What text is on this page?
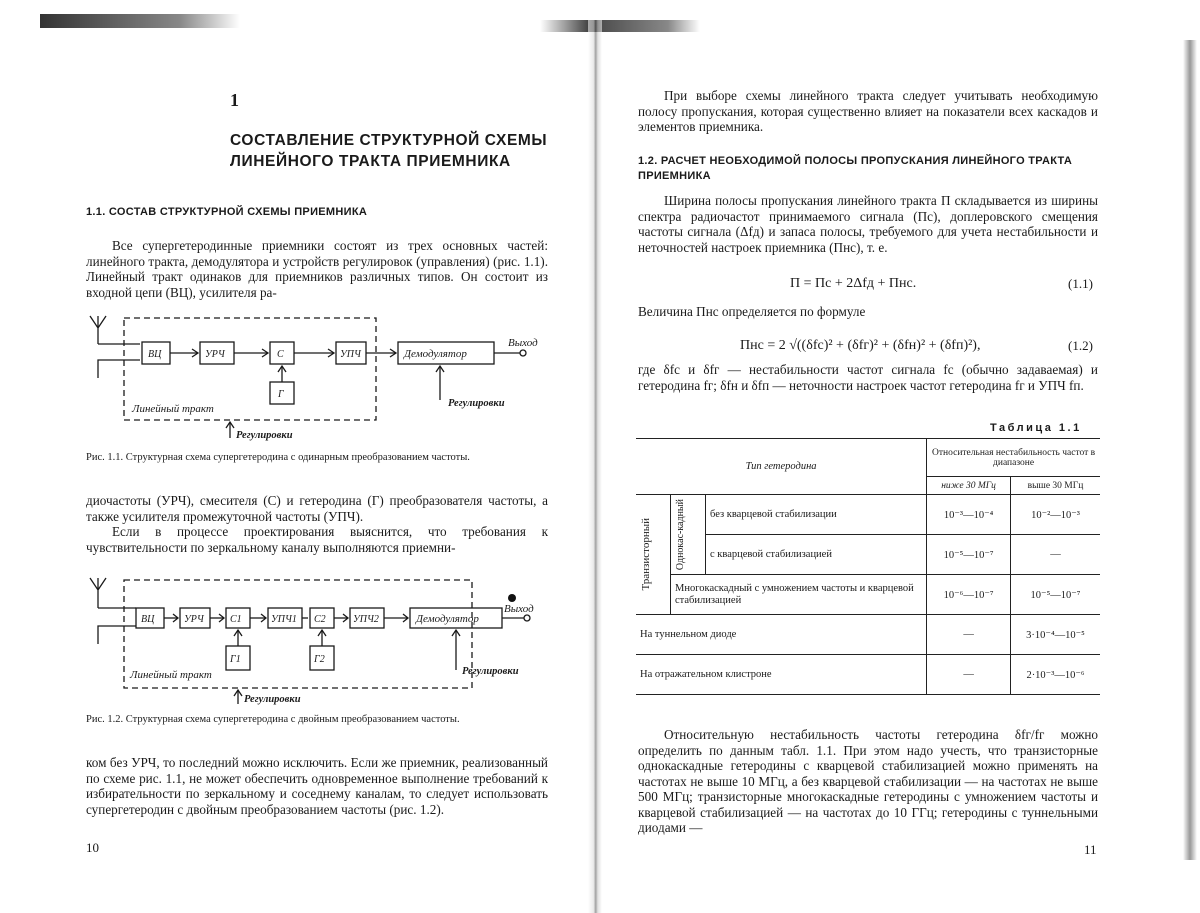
1
СОСТАВЛЕНИЕ СТРУКТУРНОЙ СХЕМЫ ЛИНЕЙНОГО ТРАКТА ПРИЕМНИКА
1.1. СОСТАВ СТРУКТУРНОЙ СХЕМЫ ПРИЕМНИКА

Все супергетеродинные приемники состоят из трех основных частей: линейного тракта, демодулятора и устройств регулировок (управления) (рис. 1.1). Линейный тракт одинаков для приемников различных типов. Он состоит из входной цепи (ВЦ), усилителя ра-

ВЦ	УРЧ	С	УПЧ
Г
Демодулятор
Выход
Линейный тракт	Регулировки
Регулировки
Рис. 1.1. Структурная схема супергетеродина с одинарным преобразованием частоты.

диочастоты (УРЧ), смесителя (С) и гетеродина (Г) преобразователя частоты, а также усилителя промежуточной частоты (УПЧ).

Если в процессе проектирования выяснится, что требования к чувствительности по зеркальному каналу выполняются приемни-

ВЦ	УРЧ	С1	УПЧ1 С2	УПЧ2	Демодулятор
Г1	Г2
Выход
Линейный тракт	Регулировки
Регулировки
Рис. 1.2. Структурная схема супергетеродина с двойным преобразованием частоты.

ком без УРЧ, то последний можно исключить. Если же приемник, реализованный по схеме рис. 1.1, не может обеспечить одновременное выполнение требований к избирательности по зеркальному и соседнему каналам, то следует использовать супергетеродин с двойным преобразованием частоты (рис. 1.2).

10

При выборе схемы линейного тракта следует учитывать необходимую полосу пропускания, которая существенно влияет на показатели всех каскадов и элементов приемника.

1.2. РАСЧЕТ НЕОБХОДИМОЙ ПОЛОСЫ ПРОПУСКАНИЯ ЛИНЕЙНОГО ТРАКТА ПРИЕМНИКА

Ширина полосы пропускания линейного тракта П складывается из ширины спектра радиочастот принимаемого сигнала (Пс), доплеровского смещения частоты сигнала (Δfд) и запаса полосы, требуемого для учета нестабильности и неточностей настроек приемника (Пнс), т. е.

П = Пс + 2Δfд + Пнс.	(1.1)

Величина Пнс определяется по формуле

Пнс = 2 √((δfс)² + (δfг)² + (δfн)² + (δfп)²),	(1.2)

где δfс и δfг — нестабильности частот сигнала fс (обычно задаваемая) и гетеродина fг; δfн и δfп — неточности настроек частот гетеродина fг и УПЧ fп.

Таблица 1.1
Тип гетеродина			Относительная нестабильность частот в диапазоне	
			ниже 30 МГц	выше 30 МГц

Транзисторный	Однокас-кадный	без кварцевой стабилизации	10⁻³—10⁻⁴	10⁻²—10⁻³
		с кварцевой стабилизацией	10⁻⁵—10⁻⁷	—
	Многокаскадный с умножением частоты и кварцевой стабилизацией		10⁻⁶—10⁻⁷	10⁻⁵—10⁻⁷
На туннельном диоде			—	3·10⁻⁴—10⁻⁵
На отражательном клистроне			—	2·10⁻³—10⁻⁶

Относительную нестабильность частоты гетеродина δfг/fг можно определить по данным табл. 1.1. При этом надо учесть, что транзисторные однокаскадные гетеродины с кварцевой стабилизацией можно применять на частотах не выше 10 МГц, а без кварцевой стабилизации — на частотах не выше 500 МГц; транзисторные многокаскадные гетеродины с умножением частоты и кварцевой стабилизацией — на частотах до 10 ГГц; гетеродины с туннельными диодами —

11
